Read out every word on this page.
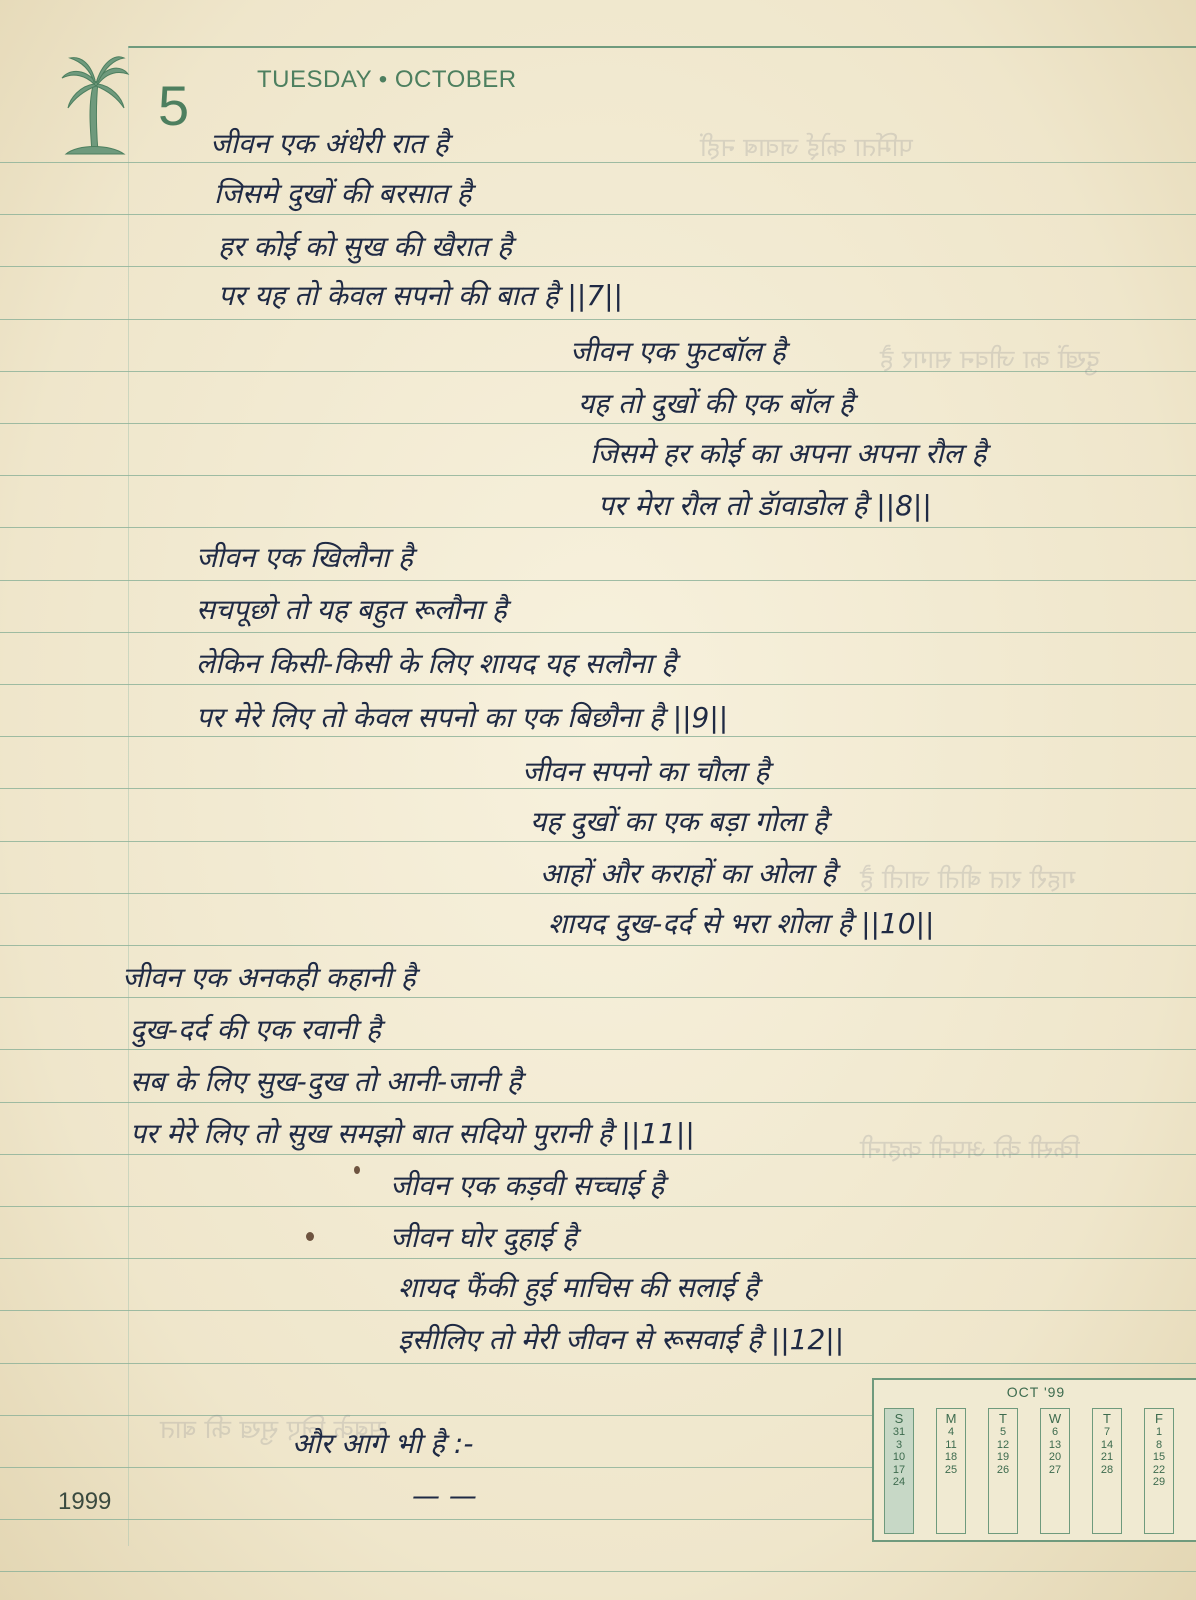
पर्मिता कोई जवाब नहीं
दुखों का जीवन सागर है
गहरी रात बीती जाती है
किसी की अपनी कहानी
सबके लिए सुख की बात
5	TUESDAY • OCTOBER
जीवन एक अंधेरी रात है
जिसमे दुखों की बरसात है
हर कोई को सुख की खैरात है
पर यह तो केवल सपनो की बात है ||7||
जीवन एक फुटबॉल है
यह तो दुखों की एक बॉल है
जिसमे हर कोई का अपना अपना रौल है
पर मेरा रौल तो डॅावाडोल है ||8||
जीवन एक खिलौना है
सचपूछो तो यह बहुत रूलौना है
लेकिन किसी-किसी के लिए शायद यह सलौना है
पर मेरे लिए तो केवल सपनो का एक बिछौना है ||9||
जीवन सपनो का चौला है
यह दुखों का एक बड़ा गोला है
आहों और कराहों का ओला है
शायद दुख-दर्द से भरा शोला है ||10||
जीवन एक अनकही कहानी है
दुख-दर्द की एक रवानी है
सब के लिए सुख-दुख तो आनी-जानी है
पर मेरे लिए तो सुख समझो बात सदियो पुरानी है ||11||
जीवन एक कड़वी सच्चाई है
जीवन घोर दुहाई है
शायद फैंकी हुई माचिस की सलाई है
इसीलिए तो मेरी जीवन से रूसवाई है ||12||
और आगे भी है :-
— —
1999
OCT '99
S
31
3
10
17
24
M
4
11
18
25
T
5
12
19
26
W
6
13
20
27
T
7
14
21
28
F
1
8
15
22
29
